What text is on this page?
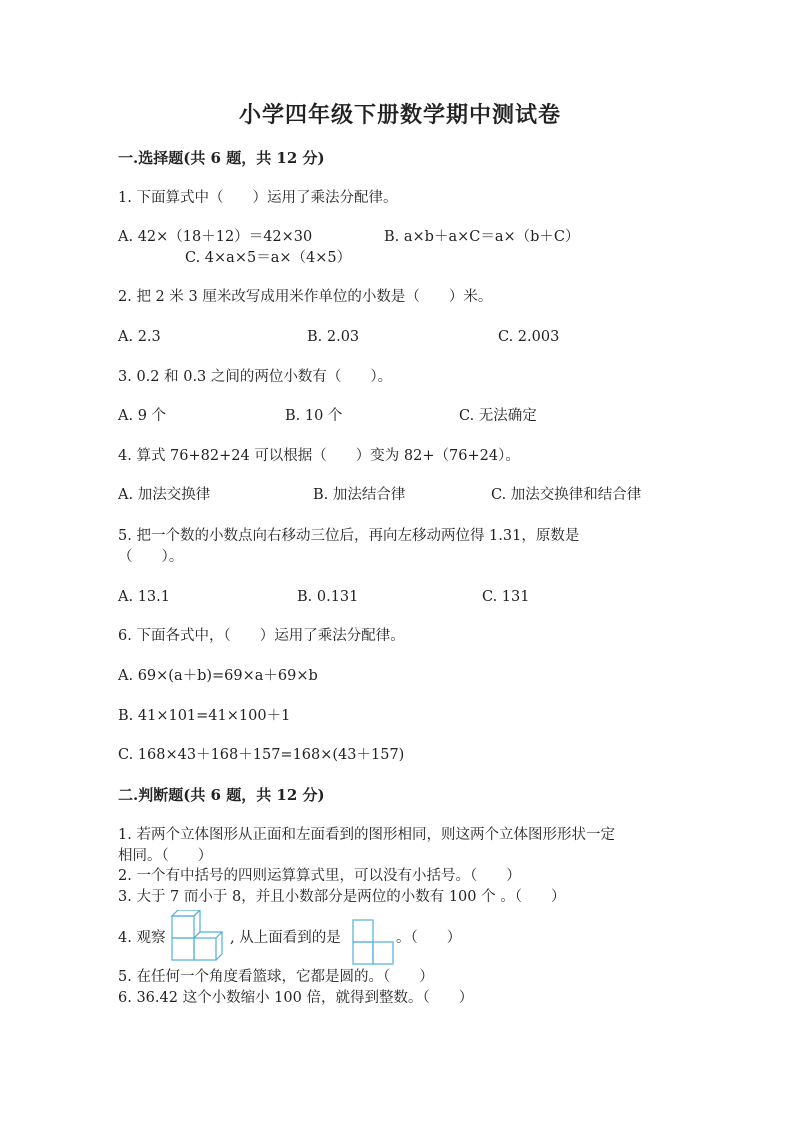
小学四年级下册数学期中测试卷
一.选择题(共 6 题，共 12 分)
1. 下面算式中（　　）运用了乘法分配律。
A. 42×（18＋12）＝42×30	B. a×b＋a×C＝a×（b＋C）
C. 4×a×5＝a×（4×5）
2. 把 2 米 3 厘米改写成用米作单位的小数是（　　）米。
A. 2.3	B. 2.03	C. 2.003
3. 0.2 和 0.3 之间的两位小数有（　　）。
A. 9 个	B. 10 个	C. 无法确定
4. 算式 76+82+24 可以根据（　　）变为 82+（76+24）。
A. 加法交换律	B. 加法结合律	C. 加法交换律和结合律
5. 把一个数的小数点向右移动三位后，再向左移动两位得 1.31，原数是
（　　）。
A. 13.1	B. 0.131	C. 131
6. 下面各式中，（　　）运用了乘法分配律。
A. 69×(a＋b)=69×a＋69×b
B. 41×101=41×100＋1
C. 168×43＋168＋157=168×(43＋157)
二.判断题(共 6 题，共 12 分)
1. 若两个立体图形从正面和左面看到的图形相同，则这两个立体图形形状一定
相同。（　　）
2. 一个有中括号的四则运算算式里，可以没有小括号。（　　）
3. 大于 7 而小于 8，并且小数部分是两位的小数有 100 个 。（　　）
4. 观察	, 从上面看到的是	。（　　）
5. 在任何一个角度看篮球，它都是圆的。（　　）
6. 36.42 这个小数缩小 100 倍，就得到整数。（　　）
